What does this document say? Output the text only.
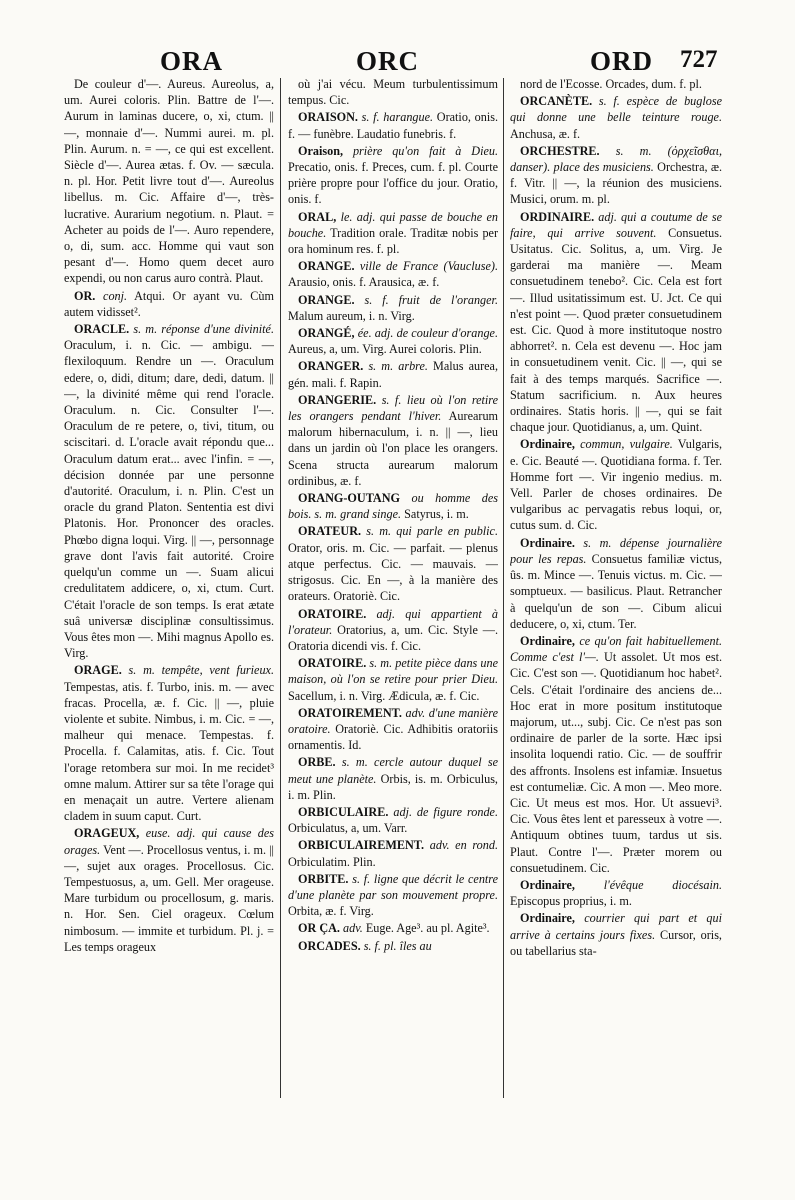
ORA	ORC	ORD 727

De couleur d'—. Aureus. Aureolus, a, um. Aurei coloris. Plin. Battre de l'—. Aurum in laminas ducere, o, xi, ctum. || —, monnaie d'—. Nummi aurei. m. pl. Plin. Aurum. n. = —, ce qui est excellent. Siècle d'—. Aurea ætas. f. Ov. — sæcula. n. pl. Hor. Petit livre tout d'—. Aureolus libellus. m. Cic. Affaire d'—, très-lucrative. Aurarium negotium. n. Plaut. = Acheter au poids de l'—. Auro rependere, o, di, sum. acc. Homme qui vaut son pesant d'—. Homo quem decet auro expendi, ou non carus auro contrà. Plaut.

OR. conj. Atqui. Or ayant vu. Cùm autem vidisset².

ORACLE. s. m. réponse d'une divinité. Oraculum, i. n. Cic. — ambigu. — flexiloquum. Rendre un —. Oraculum edere, o, didi, ditum; dare, dedi, datum. || —, la divinité même qui rend l'oracle. Oraculum. n. Cic. Consulter l'—. Oraculum de re petere, o, tivi, titum, ou sciscitari. d. L'oracle avait répondu que... Oraculum datum erat... avec l'infin. = —, décision donnée par une personne d'autorité. Oraculum, i. n. Plin. C'est un oracle du grand Platon. Sententia est divi Platonis. Hor. Prononcer des oracles. Phœbo digna loqui. Virg. || —, personnage grave dont l'avis fait autorité. Croire quelqu'un comme un —. Suam alicui credulitatem addicere, o, xi, ctum. Curt. C'était l'oracle de son temps. Is erat ætate suâ universæ disciplinæ consultissimus. Vous êtes mon —. Mihi magnus Apollo es. Virg.

ORAGE. s. m. tempête, vent furieux. Tempestas, atis. f. Turbo, inis. m. — avec fracas. Procella, æ. f. Cic. || —, pluie violente et subite. Nimbus, i. m. Cic. = —, malheur qui menace. Tempestas. f. Procella. f. Calamitas, atis. f. Cic. Tout l'orage retombera sur moi. In me recidet³ omne malum. Attirer sur sa tête l'orage qui en menaçait un autre. Vertere alienam cladem in suum caput. Curt.

ORAGEUX, euse. adj. qui cause des orages. Vent —. Procellosus ventus, i. m. || —, sujet aux orages. Procellosus. Cic. Tempestuosus, a, um. Gell. Mer orageuse. Mare turbidum ou procellosum, g. maris. n. Hor. Sen. Ciel orageux. Cœlum nimbosum. — immite et turbidum. Pl. j. = Les temps orageux

où j'ai vécu. Meum turbulentissimum tempus. Cic.

ORAISON. s. f. harangue. Oratio, onis. f. — funèbre. Laudatio funebris. f.

Oraison, prière qu'on fait à Dieu. Precatio, onis. f. Preces, cum. f. pl. Courte prière propre pour l'office du jour. Oratio, onis. f.

ORAL, le. adj. qui passe de bouche en bouche. Tradition orale. Traditæ nobis per ora hominum res. f. pl.

ORANGE. ville de France (Vaucluse). Arausio, onis. f. Arausica, æ. f.

ORANGE. s. f. fruit de l'oranger. Malum aureum, i. n. Virg.

ORANGÉ, ée. adj. de couleur d'orange. Aureus, a, um. Virg. Aurei coloris. Plin.

ORANGER. s. m. arbre. Malus aurea, gén. mali. f. Rapin.

ORANGERIE. s. f. lieu où l'on retire les orangers pendant l'hiver. Aurearum malorum hibernaculum, i. n. || —, lieu dans un jardin où l'on place les orangers. Scena structa aurearum malorum ordinibus, æ. f.

ORANG-OUTANG ou homme des bois. s. m. grand singe. Satyrus, i. m.

ORATEUR. s. m. qui parle en public. Orator, oris. m. Cic. — parfait. — plenus atque perfectus. Cic. — mauvais. — strigosus. Cic. En —, à la manière des orateurs. Oratoriè. Cic.

ORATOIRE. adj. qui appartient à l'orateur. Oratorius, a, um. Cic. Style —. Oratoria dicendi vis. f. Cic.

ORATOIRE. s. m. petite pièce dans une maison, où l'on se retire pour prier Dieu. Sacellum, i. n. Virg. Ædicula, æ. f. Cic.

ORATOIREMENT. adv. d'une manière oratoire. Oratoriè. Cic. Adhibitis oratoriis ornamentis. Id.

ORBE. s. m. cercle autour duquel se meut une planète. Orbis, is. m. Orbiculus, i. m. Plin.

ORBICULAIRE. adj. de figure ronde. Orbiculatus, a, um. Varr.

ORBICULAIREMENT. adv. en rond. Orbiculatim. Plin.

ORBITE. s. f. ligne que décrit le centre d'une planète par son mouvement propre. Orbita, æ. f. Virg.

OR ÇA. adv. Euge. Age³. au pl. Agite³.

ORCADES. s. f. pl. îles au

nord de l'Ecosse. Orcades, dum. f. pl.

ORCANÈTE. s. f. espèce de buglose qui donne une belle teinture rouge. Anchusa, æ. f.

ORCHESTRE. s. m. (ὀρχεῖσθαι, danser). place des musiciens. Orchestra, æ. f. Vitr. || —, la réunion des musiciens. Musici, orum. m. pl.

ORDINAIRE. adj. qui a coutume de se faire, qui arrive souvent. Consuetus. Usitatus. Cic. Solitus, a, um. Virg. Je garderai ma manière —. Meam consuetudinem tenebo². Cic. Cela est fort —. Illud usitatissimum est. U. Jct. Ce qui n'est point —. Quod præter consuetudinem est. Cic. Quod à more institutoque nostro abhorret². n. Cela est devenu —. Hoc jam in consuetudinem venit. Cic. || —, qui se fait à des temps marqués. Sacrifice —. Statum sacrificium. n. Aux heures ordinaires. Statis horis. || —, qui se fait chaque jour. Quotidianus, a, um. Quint.

Ordinaire, commun, vulgaire. Vulgaris, e. Cic. Beauté —. Quotidiana forma. f. Ter. Homme fort —. Vir ingenio medius. m. Vell. Parler de choses ordinaires. De vulgaribus ac pervagatis rebus loqui, or, cutus sum. d. Cic.

Ordinaire. s. m. dépense journalière pour les repas. Consuetus familiæ victus, ûs. m. Mince —. Tenuis victus. m. Cic. — somptueux. — basilicus. Plaut. Retrancher à quelqu'un de son —. Cibum alicui deducere, o, xi, ctum. Ter.

Ordinaire, ce qu'on fait habituellement. Comme c'est l'—. Ut assolet. Ut mos est. Cic. C'est son —. Quotidianum hoc habet². Cels. C'était l'ordinaire des anciens de... Hoc erat in more positum institutoque majorum, ut..., subj. Cic. Ce n'est pas son ordinaire de parler de la sorte. Hæc ipsi insolita loquendi ratio. Cic. — de souffrir des affronts. Insolens est infamiæ. Insuetus est contumeliæ. Cic. A mon —. Meo more. Cic. Ut meus est mos. Hor. Ut assuevi³. Cic. Vous êtes lent et paresseux à votre —. Antiquum obtines tuum, tardus ut sis. Plaut. Contre l'—. Præter morem ou consuetudinem. Cic.

Ordinaire, l'évêque diocésain. Episcopus proprius, i. m.

Ordinaire, courrier qui part et qui arrive à certains jours fixes. Cursor, oris, ou tabellarius sta-
